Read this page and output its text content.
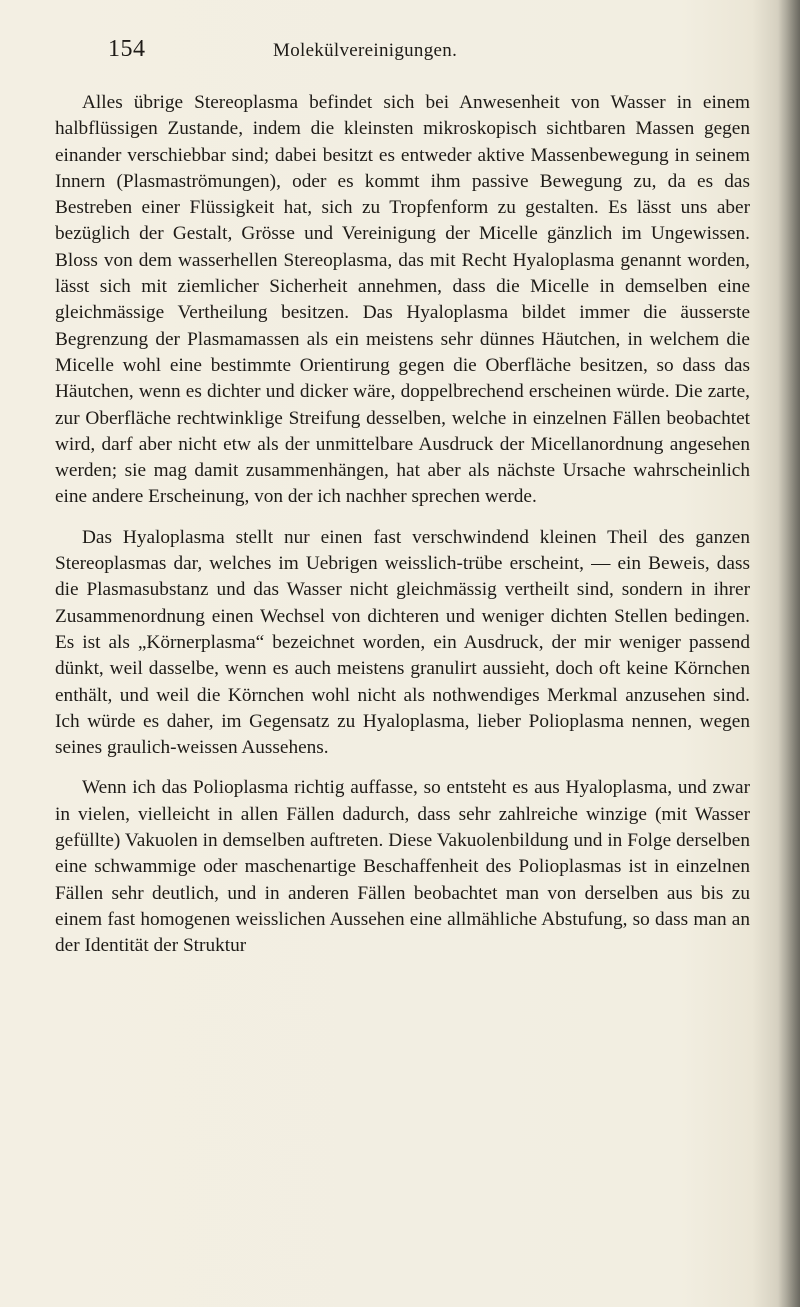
154	Molekülvereinigungen.

Alles übrige Stereoplasma befindet sich bei Anwesenheit von Wasser in einem halbflüssigen Zustande, indem die kleinsten mikroskopisch sichtbaren Massen gegen einander verschiebbar sind; dabei besitzt es entweder aktive Massenbewegung in seinem Innern (Plasmaströmungen), oder es kommt ihm passive Bewegung zu, da es das Bestreben einer Flüssigkeit hat, sich zu Tropfenform zu gestalten. Es lässt uns aber bezüglich der Gestalt, Grösse und Vereinigung der Micelle gänzlich im Ungewissen. Bloss von dem wasserhellen Stereoplasma, das mit Recht Hyaloplasma genannt worden, lässt sich mit ziemlicher Sicherheit annehmen, dass die Micelle in demselben eine gleichmässige Vertheilung besitzen. Das Hyaloplasma bildet immer die äusserste Begrenzung der Plasmamassen als ein meistens sehr dünnes Häutchen, in welchem die Micelle wohl eine bestimmte Orientirung gegen die Oberfläche besitzen, so dass das Häutchen, wenn es dichter und dicker wäre, doppelbrechend erscheinen würde. Die zarte, zur Oberfläche rechtwinklige Streifung desselben, welche in einzelnen Fällen beobachtet wird, darf aber nicht etw als der unmittelbare Ausdruck der Micellanordnung angesehen werden; sie mag damit zusammenhängen, hat aber als nächste Ursache wahrscheinlich eine andere Erscheinung, von der ich nachher sprechen werde.

Das Hyaloplasma stellt nur einen fast verschwindend kleinen Theil des ganzen Stereoplasmas dar, welches im Uebrigen weisslich-trübe erscheint, — ein Beweis, dass die Plasmasubstanz und das Wasser nicht gleichmässig vertheilt sind, sondern in ihrer Zusammenordnung einen Wechsel von dichteren und weniger dichten Stellen bedingen. Es ist als „Körnerplasma“ bezeichnet worden, ein Ausdruck, der mir weniger passend dünkt, weil dasselbe, wenn es auch meistens granulirt aussieht, doch oft keine Körnchen enthält, und weil die Körnchen wohl nicht als nothwendiges Merkmal anzusehen sind. Ich würde es daher, im Gegensatz zu Hyaloplasma, lieber Polioplasma nennen, wegen seines graulich-weissen Aussehens.

Wenn ich das Polioplasma richtig auffasse, so entsteht es aus Hyaloplasma, und zwar in vielen, vielleicht in allen Fällen dadurch, dass sehr zahlreiche winzige (mit Wasser gefüllte) Vakuolen in demselben auftreten. Diese Vakuolenbildung und in Folge derselben eine schwammige oder maschenartige Beschaffenheit des Polioplasmas ist in einzelnen Fällen sehr deutlich, und in anderen Fällen beobachtet man von derselben aus bis zu einem fast homogenen weisslichen Aussehen eine allmähliche Abstufung, so dass man an der Identität der Struktur
